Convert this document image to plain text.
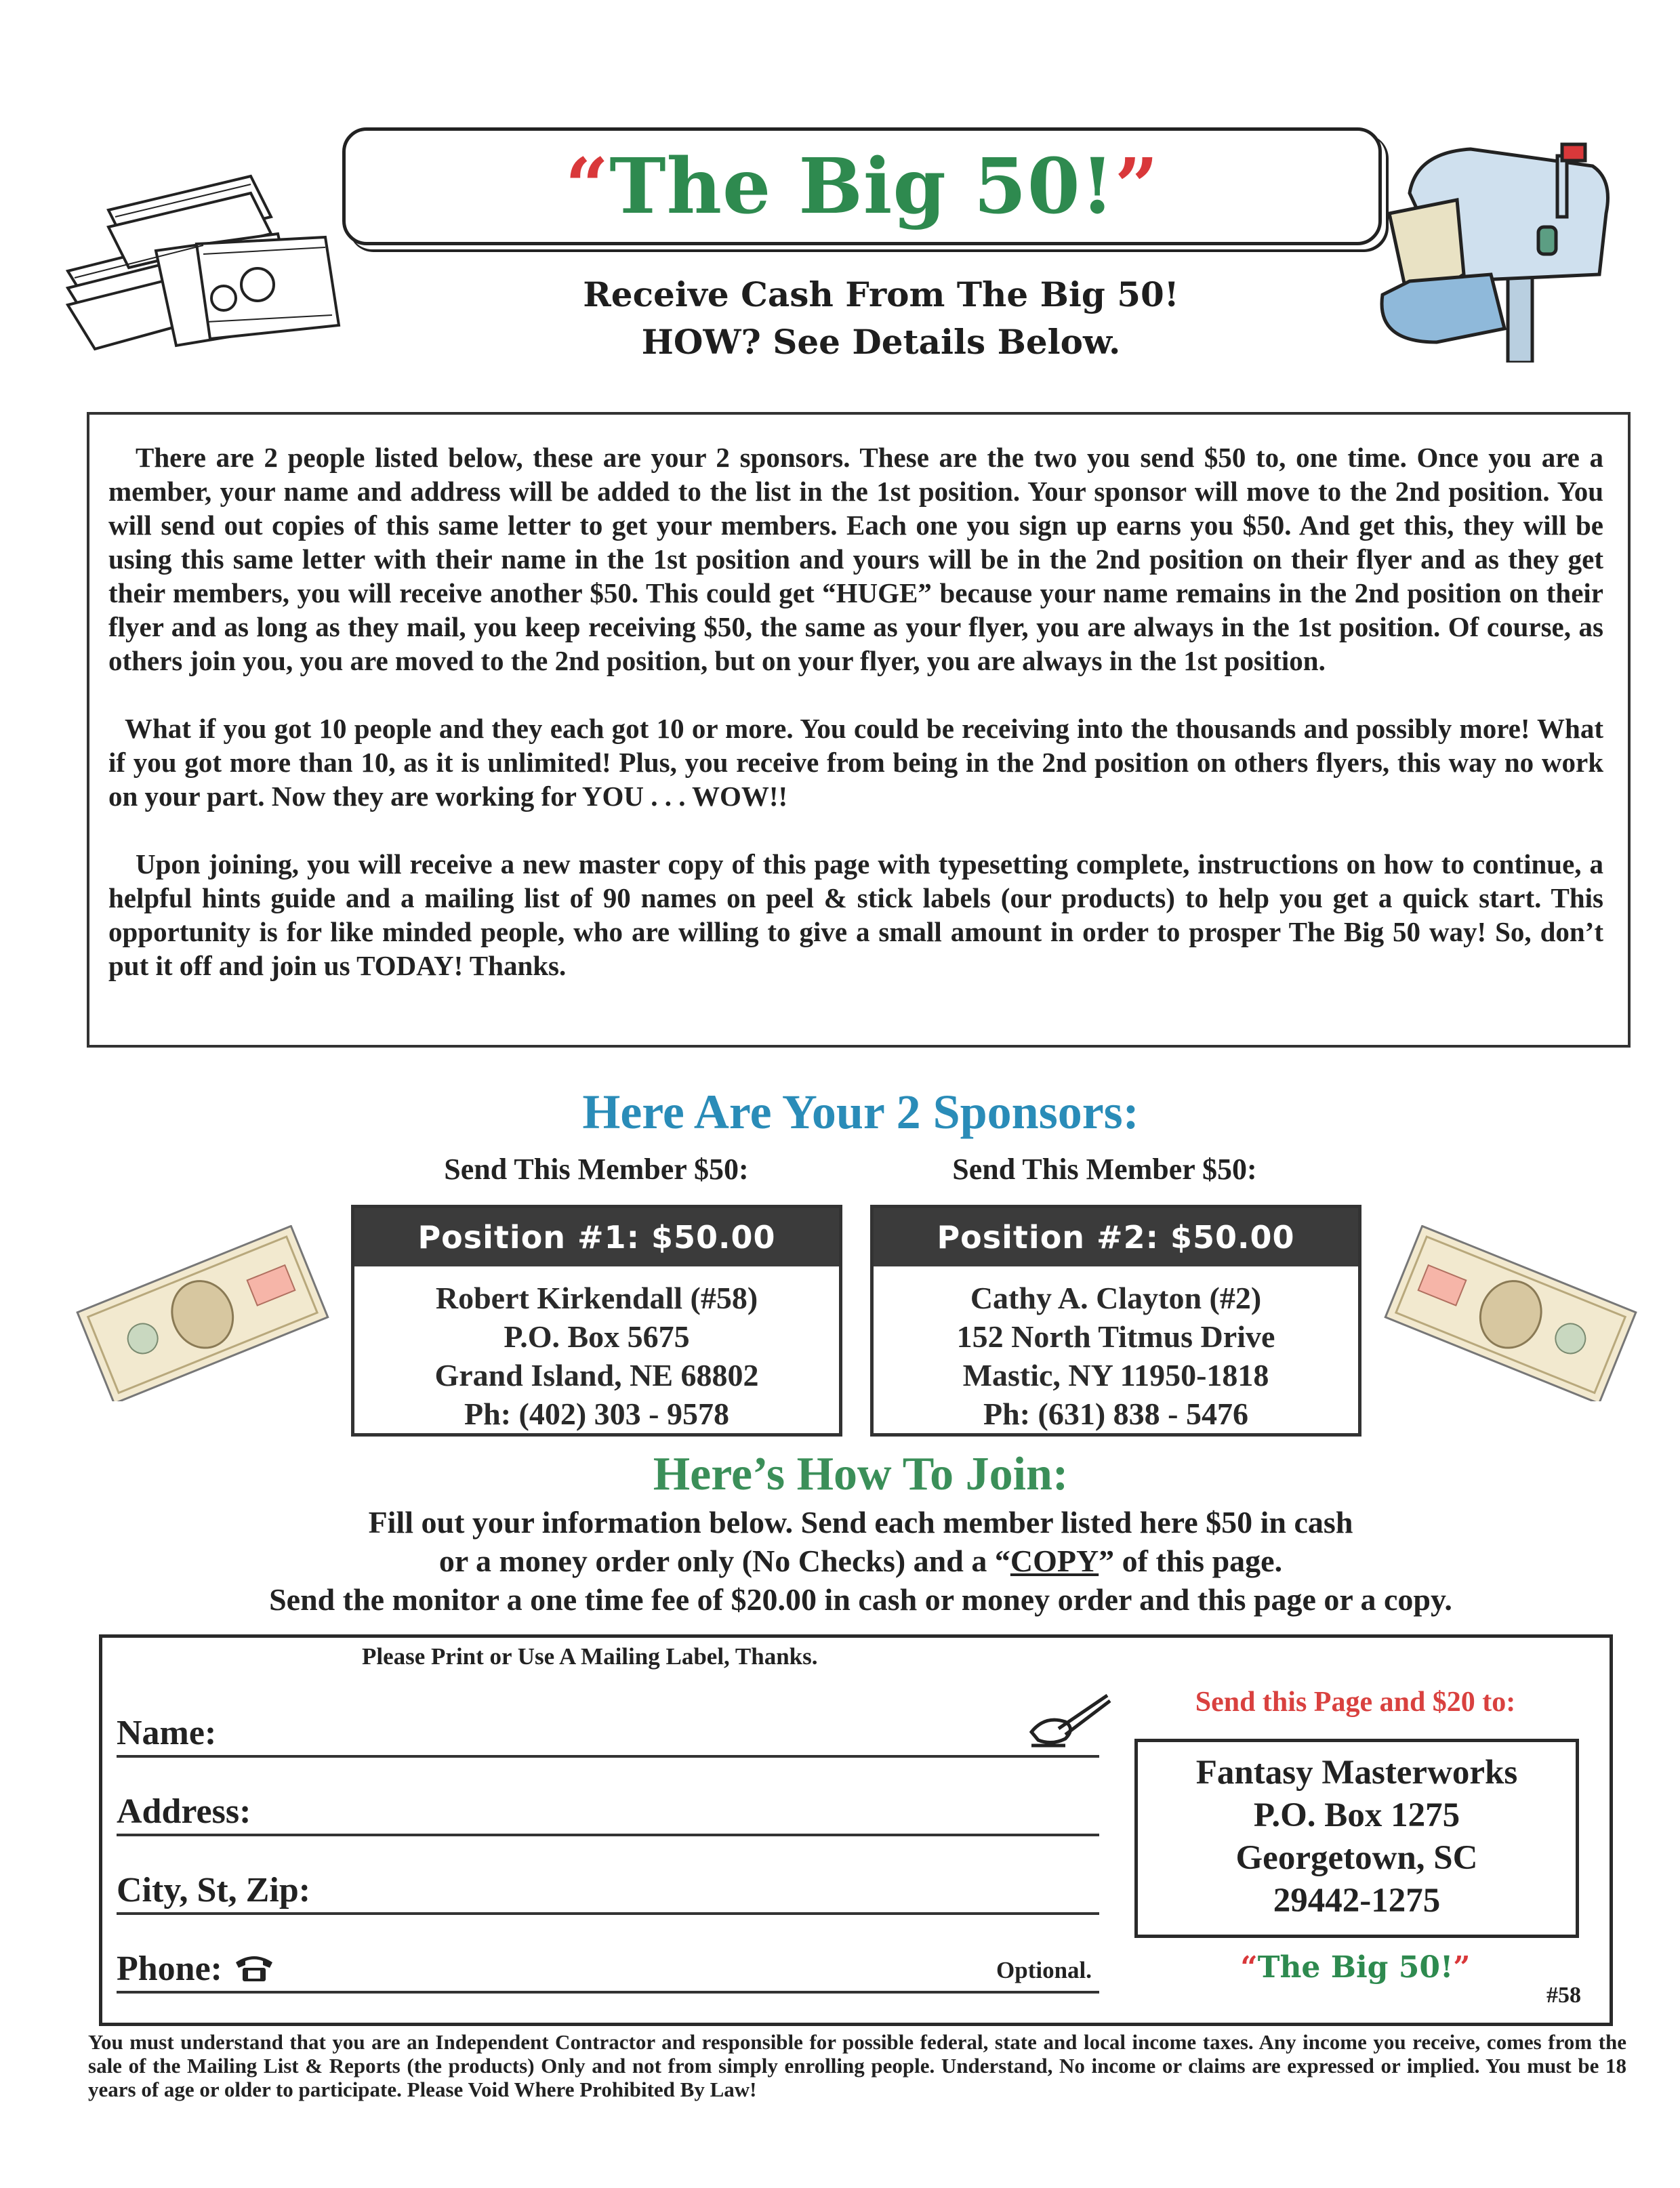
“The Big 50!”
Receive Cash From The Big 50!
HOW? See Details Below.

There are 2 people listed below, these are your 2 sponsors. These are the two you send $50 to, one time. Once you are a member, your name and address will be added to the list in the 1st position. Your sponsor will move to the 2nd position. You will send out copies of this same letter to get your members. Each one you sign up earns you $50. And get this, they will be using this same letter with their name in the 1st position and yours will be in the 2nd position on their flyer and as they get their members, you will receive another $50. This could get “HUGE” because your name remains in the 2nd position on their flyer and as long as they mail, you keep receiving $50, the same as your flyer, you are always in the 1st position. Of course, as others join you, you are moved to the 2nd position, but on your flyer, you are always in the 1st position.

What if you got 10 people and they each got 10 or more. You could be receiving into the thousands and possibly more! What if you got more than 10, as it is unlimited! Plus, you receive from being in the 2nd position on others flyers, this way no work on your part. Now they are working for YOU . . . WOW!!

Upon joining, you will receive a new master copy of this page with typesetting complete, instructions on how to continue, a helpful hints guide and a mailing list of 90 names on peel & stick labels (our products) to help you get a quick start. This opportunity is for like minded people, who are willing to give a small amount in order to prosper The Big 50 way! So, don’t put it off and join us TODAY! Thanks.

Here Are Your 2 Sponsors:
Send This Member $50:
Position #1: $50.00
Robert Kirkendall (#58)
P.O. Box 5675
Grand Island, NE 68802
Ph: (402) 303 - 9578
Send This Member $50:
Position #2: $50.00
Cathy A. Clayton (#2)
152 North Titmus Drive
Mastic, NY 11950-1818
Ph: (631) 838 - 5476
Here’s How To Join:
Fill out your information below. Send each member listed here $50 in cash
or a money order only (No Checks) and a “COPY” of this page.
Send the monitor a one time fee of $20.00 in cash or money order and this page or a copy.
Please Print or Use A Mailing Label, Thanks.
Name:
Address:
City, St, Zip:
Phone:	Optional.
Send this Page and $20 to:
Fantasy Masterworks
P.O. Box 1275
Georgetown, SC
29442-1275
“The Big 50!”
#58
You must understand that you are an Independent Contractor and responsible for possible federal, state and local income taxes. Any income you receive, comes from the sale of the Mailing List & Reports (the products) Only and not from simply enrolling people. Understand, No income or claims are expressed or implied. You must be 18 years of age or older to participate. Please Void Where Prohibited By Law!
